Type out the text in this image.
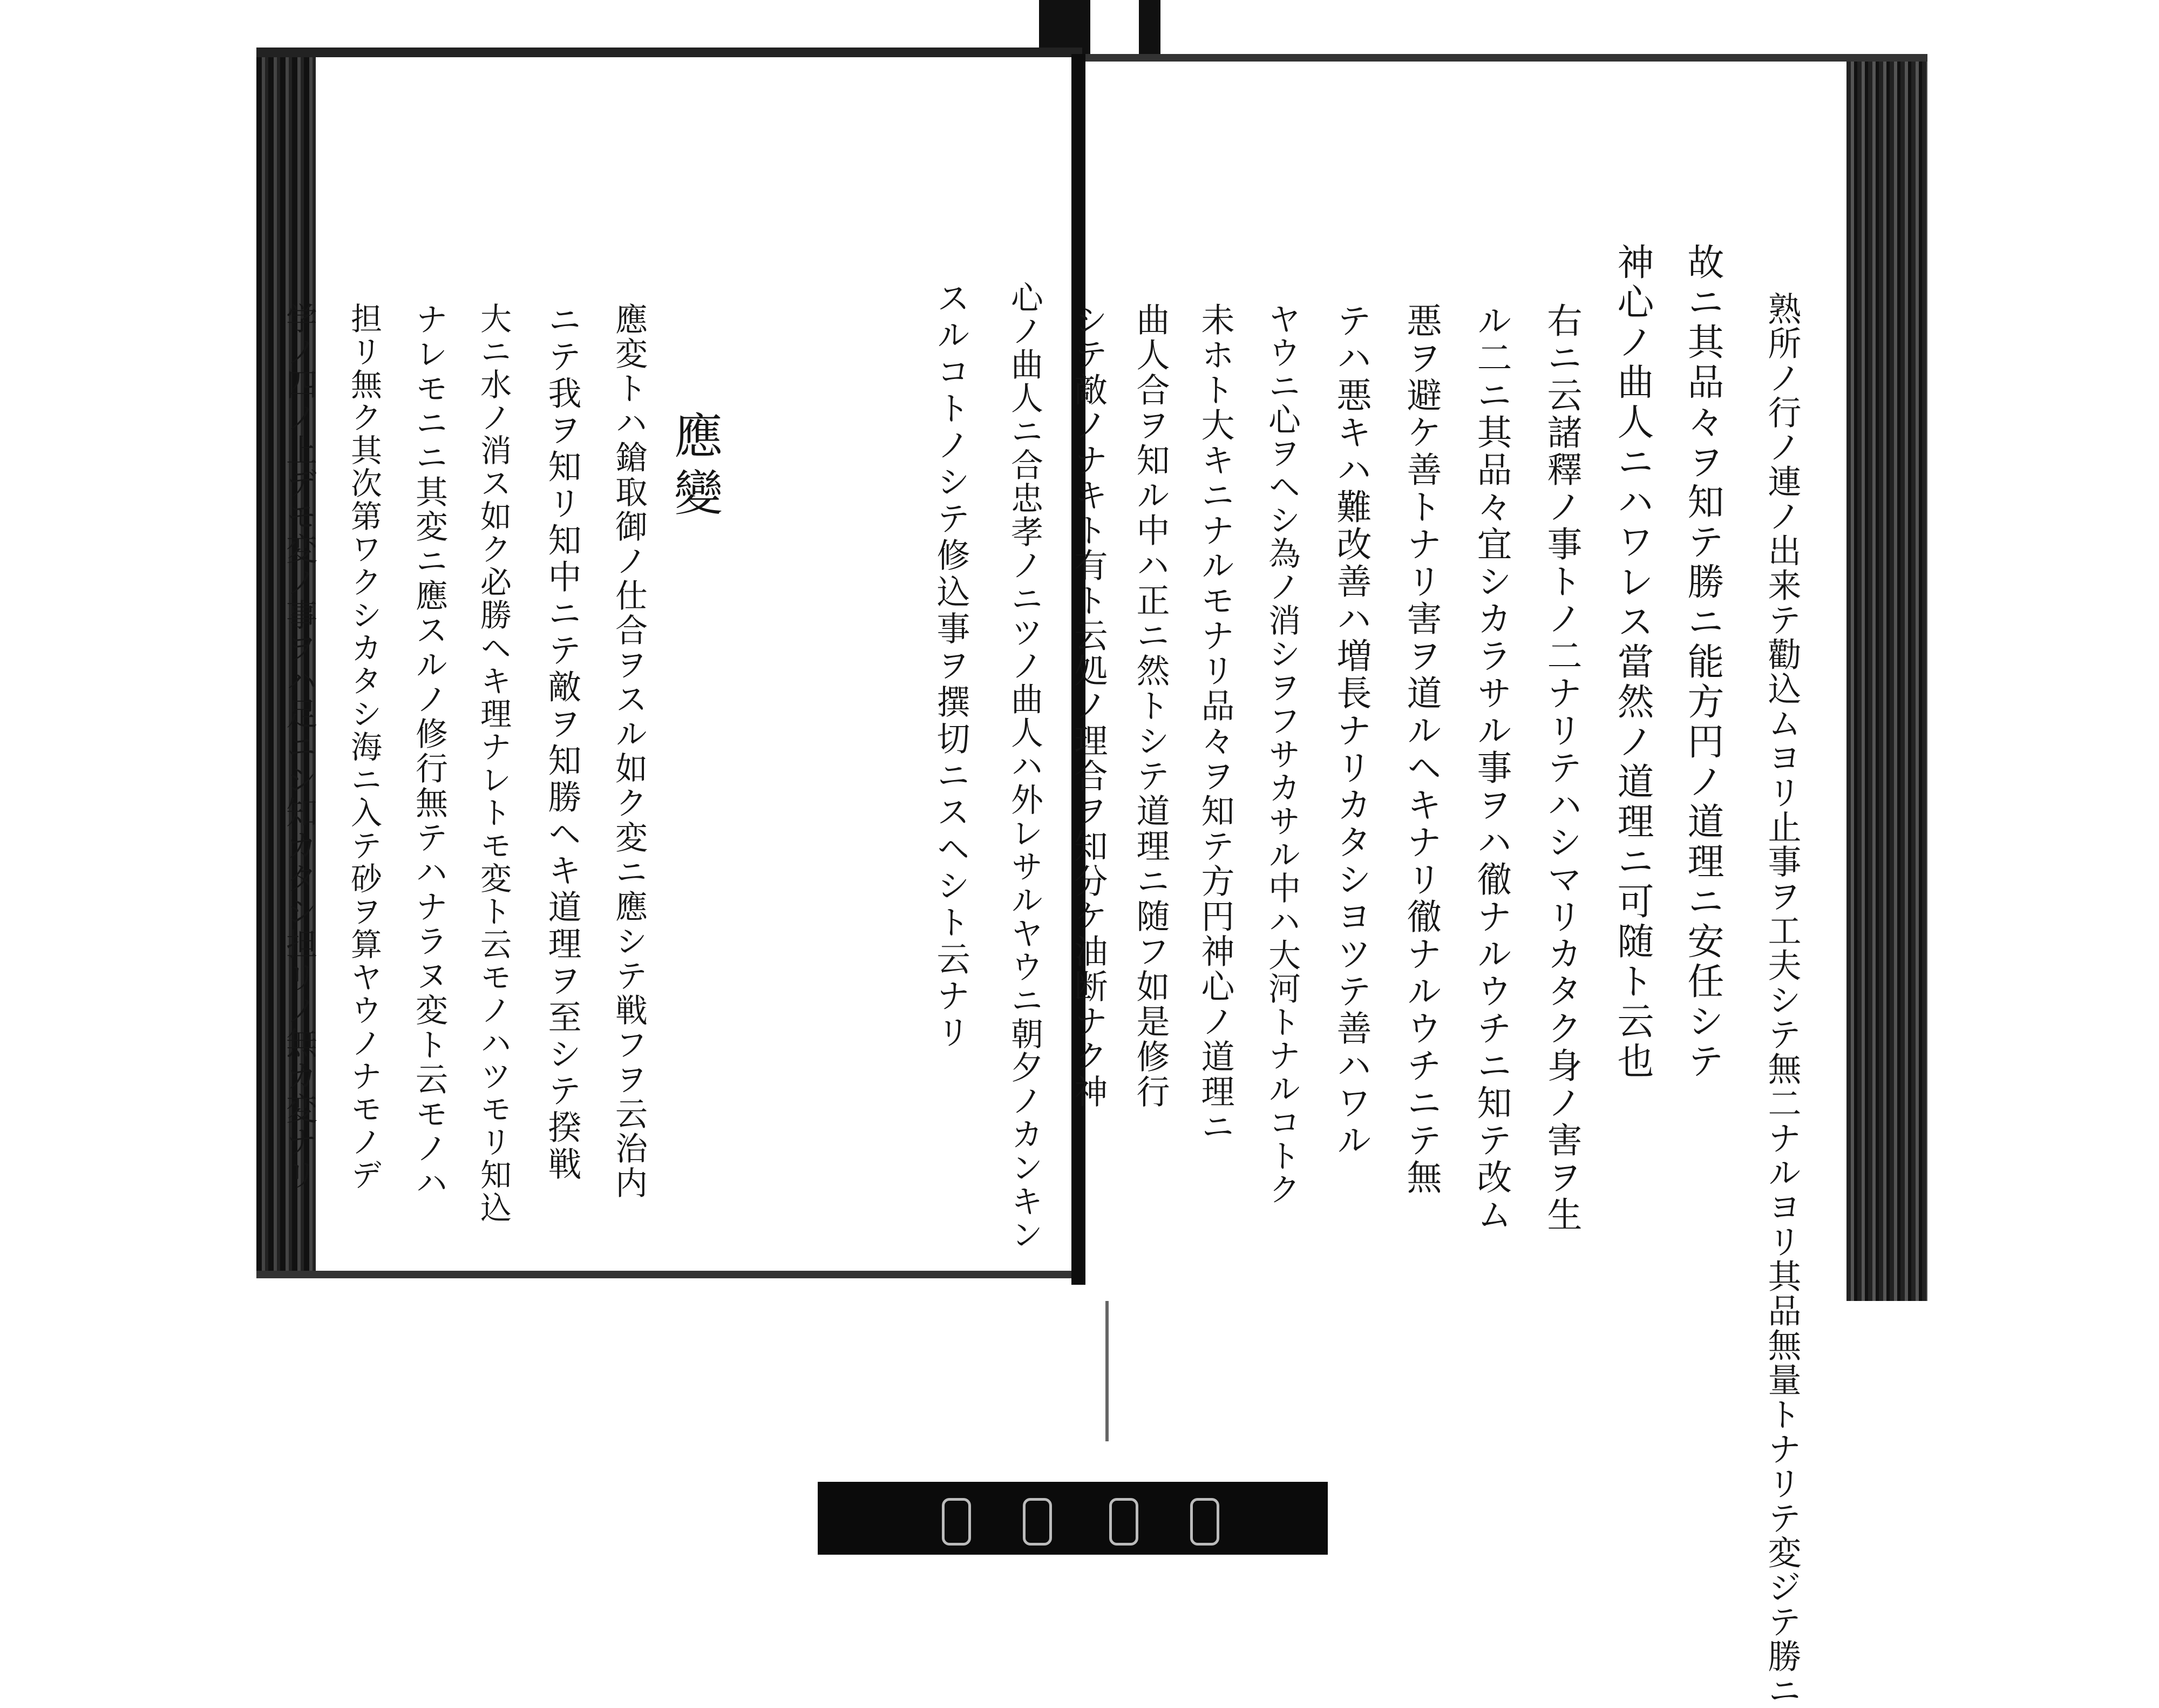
熟所ノ行ノ連ノ出来テ勸込ムヨリ止事ヲ工夫シテ無二ナルヨリ其品無量トナリテ変ジテ勝ニ
故ニ其品々ヲ知テ勝ニ能方円ノ道理ニ安任シテ
神心ノ曲人ニハワレス當然ノ道理ニ可随ト云也
右ニ云諸釋ノ事トノ二ナリテハシマリカタク身ノ害ヲ生
ル二ニ其品々宜シカラサル事ヲハ徹ナルウチニ知テ改ム
悪ヲ避ケ善トナリ害ヲ道ルヘキナリ徹ナルウチニテ無
テハ悪キハ難改善ハ増長ナリカタシヨツテ善ハワル
ヤウニ心ヲヘシ為ノ消シヲフサカサル中ハ大河トナルコトク
未ホト大キニナルモナリ品々ヲ知テ方円神心ノ道理ニ
曲人合ヲ知ル中ハ正ニ然トシテ道理ニ随フ如是修行
シテ敵ノナキト有ト云処ノ理合ヲ知分ケ油断ナク神
心ノ曲人ニ合忠孝ノニツノ曲人ハ外レサルヤウニ朝夕ノカンキン
スルコトノシテ修込事ヲ撰切ニスヘシト云ナリ
應變
應変トハ鎗取御ノ仕合ヲスル如ク変ニ應シテ戦フヲ云治内
ニテ我ヲ知リ知中ニテ敵ヲ知勝ヘキ道理ヲ至シテ揆戦
大ニ水ノ消ス如ク必勝ヘキ理ナレトモ変ト云モノハツモリ知込
ナレモニニ其変ニ應スルノ修行無テハナラヌ変ト云モノハ
担リ無ク其次第ワクシカタシ海ニ入テ砂ヲ算ヤウノナモノデ
学ノ四ノ上デモ変ノ事ヲハ足ニシ知カタシ担リノ無カ変ナリ
